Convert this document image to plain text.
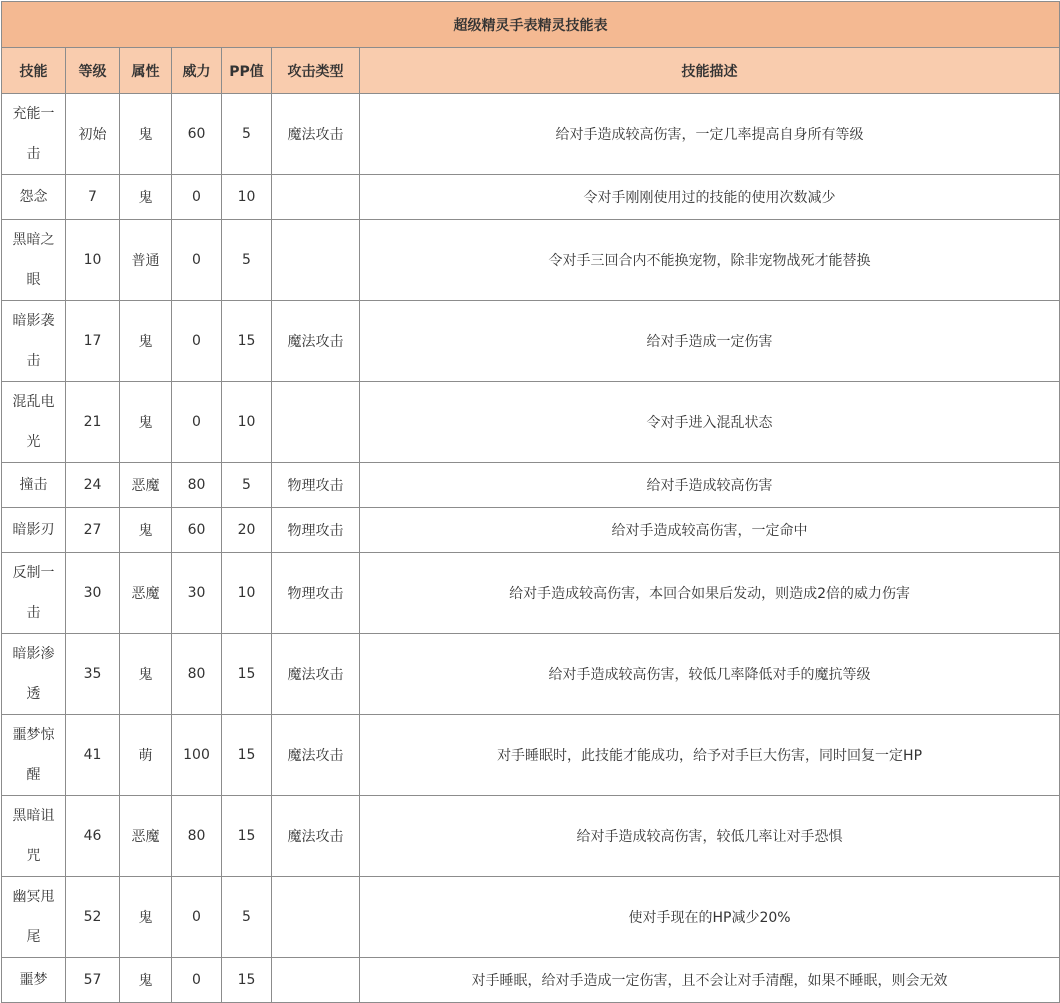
超级精灵手表精灵技能表						
技能	等级	属性	威力	PP值	攻击类型	技能描述
充能一击	初始	鬼	60	5	魔法攻击	给对手造成较高伤害，一定几率提高自身所有等级
怨念	7	鬼	0	10		令对手刚刚使用过的技能的使用次数减少
黑暗之眼	10	普通	0	5		令对手三回合内不能换宠物，除非宠物战死才能替换
暗影袭击	17	鬼	0	15	魔法攻击	给对手造成一定伤害
混乱电光	21	鬼	0	10		令对手进入混乱状态
撞击	24	恶魔	80	5	物理攻击	给对手造成较高伤害
暗影刃	27	鬼	60	20	物理攻击	给对手造成较高伤害，一定命中
反制一击	30	恶魔	30	10	物理攻击	给对手造成较高伤害，本回合如果后发动，则造成2倍的威力伤害
暗影渗透	35	鬼	80	15	魔法攻击	给对手造成较高伤害，较低几率降低对手的魔抗等级
噩梦惊醒	41	萌	100	15	魔法攻击	对手睡眠时，此技能才能成功，给予对手巨大伤害，同时回复一定HP
黑暗诅咒	46	恶魔	80	15	魔法攻击	给对手造成较高伤害，较低几率让对手恐惧
幽冥甩尾	52	鬼	0	5		使对手现在的HP减少20%
噩梦	57	鬼	0	15		对手睡眠，给对手造成一定伤害，且不会让对手清醒，如果不睡眠，则会无效
